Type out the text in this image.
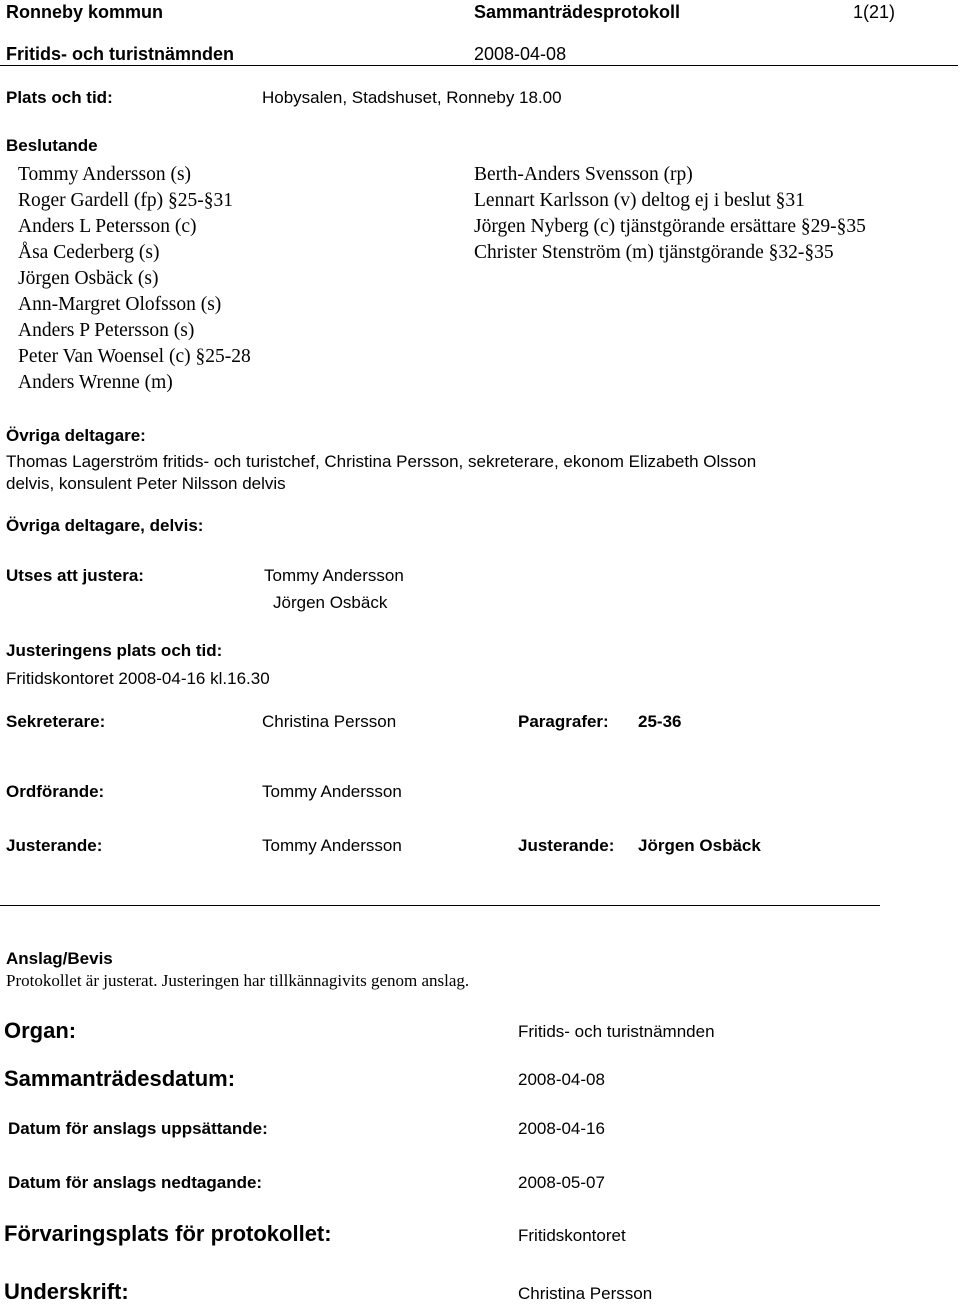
Ronneby kommun	Sammanträdesprotokoll	1(21)
Fritids- och turistnämnden	2008-04-08
Plats och tid:	Hobysalen, Stadshuset, Ronneby 18.00
Beslutande
Tommy Andersson (s)
Roger Gardell (fp) §25-§31
Anders L Petersson (c)
Åsa Cederberg (s)
Jörgen Osbäck (s)
Ann-Margret Olofsson (s)
Anders P Petersson (s)
Peter Van Woensel (c) §25-28
Anders Wrenne (m)
Berth-Anders Svensson (rp)
Lennart Karlsson (v) deltog ej i beslut §31
Jörgen Nyberg (c) tjänstgörande ersättare §29-§35
Christer Stenström (m) tjänstgörande §32-§35
Övriga deltagare:
Thomas Lagerström fritids- och turistchef, Christina Persson, sekreterare, ekonom Elizabeth Olsson
delvis, konsulent Peter Nilsson delvis
Övriga deltagare, delvis:
Utses att justera:	Tommy Andersson
Jörgen Osbäck
Justeringens plats och tid:
Fritidskontoret 2008-04-16 kl.16.30
Sekreterare:	Christina Persson	Paragrafer: 25-36
Ordförande:	Tommy Andersson
Justerande:	Tommy Andersson	Justerande: Jörgen Osbäck
Anslag/Bevis
Protokollet är justerat. Justeringen har tillkännagivits genom anslag.
Organ:	Fritids- och turistnämnden
Sammanträdesdatum:	2008-04-08
Datum för anslags uppsättande:	2008-04-16
Datum för anslags nedtagande:	2008-05-07
Förvaringsplats för protokollet:	Fritidskontoret
Underskrift:	Christina Persson
